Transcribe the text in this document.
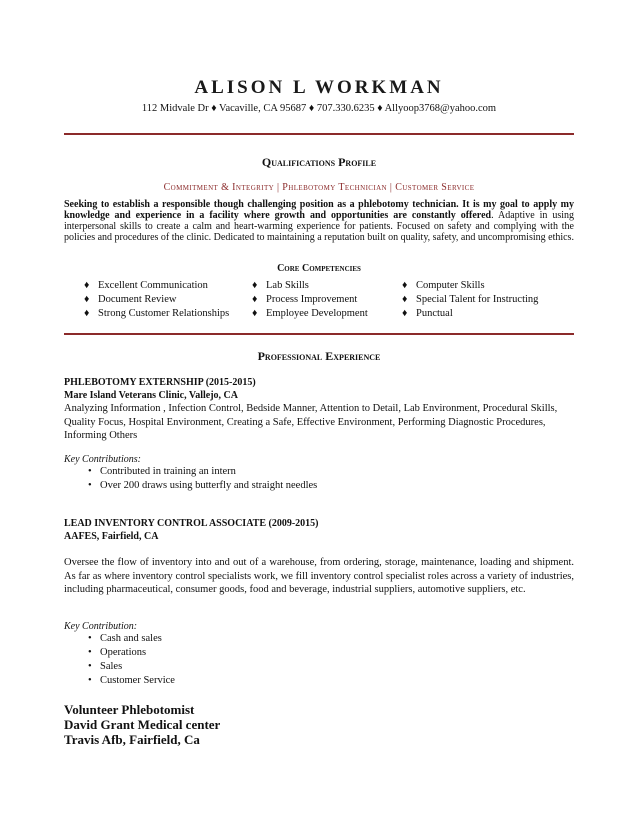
ALISON L WORKMAN
112 Midvale Dr ♦ Vacaville, CA 95687 ♦ 707.330.6235 ♦ Allyoop3768@yahoo.com
Qualifications Profile
Commitment & Integrity | Phlebotomy Technician | Customer Service
Seeking to establish a responsible though challenging position as a phlebotomy technician. It is my goal to apply my knowledge and experience in a facility where growth and opportunities are constantly offered. Adaptive in using interpersonal skills to create a calm and heart-warming experience for patients. Focused on safety and complying with the policies and procedures of the clinic. Dedicated to maintaining a reputation built on quality, safety, and uncompromising ethics.
Core Competencies
♦ Excellent Communication
♦ Document Review
♦ Strong Customer Relationships
♦ Lab Skills
♦ Process Improvement
♦ Employee Development
♦ Computer Skills
♦ Special Talent for Instructing
♦ Punctual
Professional Experience
PHLEBOTOMY EXTERNSHIP (2015-2015)
Mare Island Veterans Clinic, Vallejo, CA
Analyzing Information , Infection Control, Bedside Manner, Attention to Detail, Lab Environment, Procedural Skills, Quality Focus, Hospital Environment, Creating a Safe, Effective Environment, Performing Diagnostic Procedures, Informing Others
Key Contributions:
• Contributed in training an intern
• Over 200 draws using butterfly and straight needles
LEAD INVENTORY CONTROL ASSOCIATE (2009-2015)
AAFES, Fairfield, CA
Oversee the flow of inventory into and out of a warehouse, from ordering, storage, maintenance, loading and shipment. As far as where inventory control specialists work, we fill inventory control specialist roles across a variety of industries, including pharmaceutical, consumer goods, food and beverage, industrial suppliers, automotive suppliers, etc.
Key Contribution:
• Cash and sales
• Operations
• Sales
• Customer Service
Volunteer Phlebotomist
David Grant Medical center
Travis Afb, Fairfield, Ca
